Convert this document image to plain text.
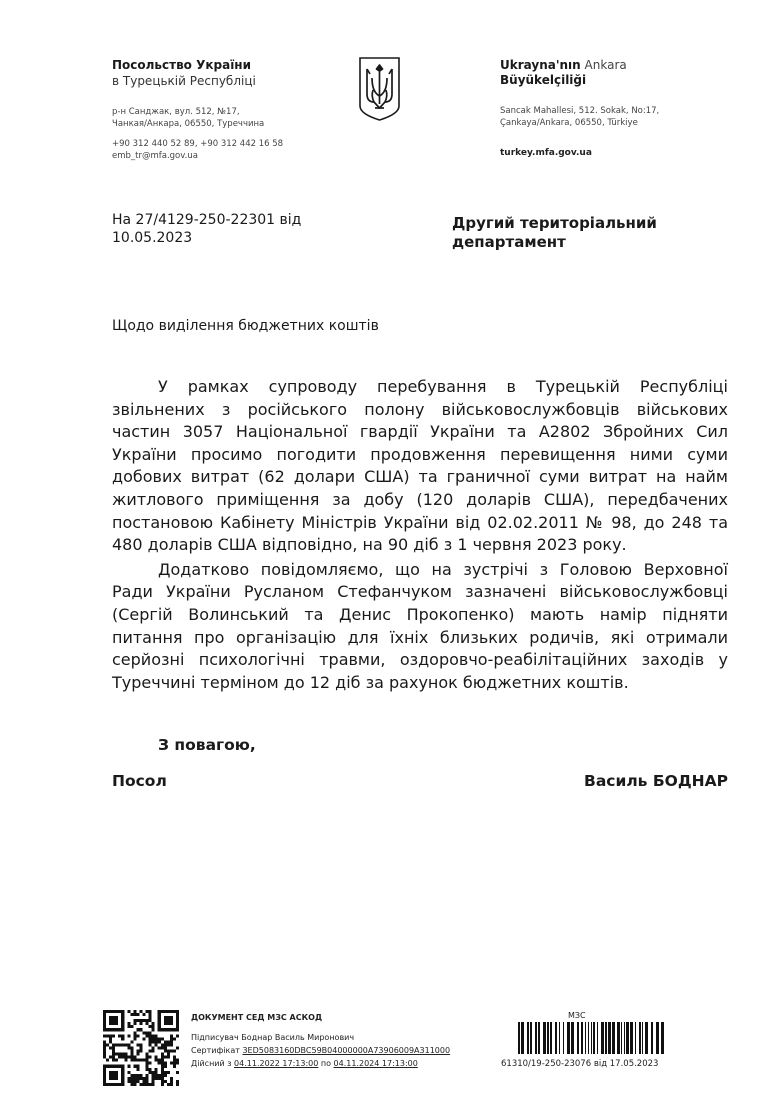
Посольство України
в Турецькій Республіці
р-н Санджак, вул. 512, №17,
Чанкая/Анкара, 06550, Туреччина
+90 312 440 52 89, +90 312 442 16 58
emb_tr@mfa.gov.ua
Ukrayna'nın Ankara
Büyükelçiliği
Sancak Mahallesi, 512. Sokak, No:17,
Çankaya/Ankara, 06550, Türkiye
turkey.mfa.gov.ua
На 27/4129-250-22301 від
10.05.2023
Другий територіальний
департамент
Щодо виділення бюджетних коштів

У рамках супроводу перебування в Турецькій Республіці звільнених з російського полону військовослужбовців військових частин 3057 Національної гвардії України та А2802 Збройних Сил України просимо погодити продовження перевищення ними суми добових витрат (62 долари США) та граничної суми витрат на найм житлового приміщення за добу (120 доларів США), передбачених постановою Кабінету Міністрів України від 02.02.2011 № 98, до 248 та 480 доларів США відповідно, на 90 діб з 1 червня 2023 року.

Додатково повідомляємо, що на зустрічі з Головою Верховної Ради України Русланом Стефанчуком зазначені військовослужбовці (Сергій Волинський та Денис Прокопенко) мають намір підняти питання про організацію для їхніх близьких родичів, які отримали серйозні психологічні травми, оздоровчо-реабілітаційних заходів у Туреччині терміном до 12 діб за рахунок бюджетних коштів.

З повагою,
Посол	Василь БОДНАР
ДОКУМЕНТ СЕД МЗС АСКОД
Підписувач Боднар Василь Миронович
Сертифікат 3ED5083160DBC59B04000000A73906009A311000
Дійсний з 04.11.2022 17:13:00 по 04.11.2024 17:13:00
МЗС
61310/19-250-23076 від 17.05.2023
